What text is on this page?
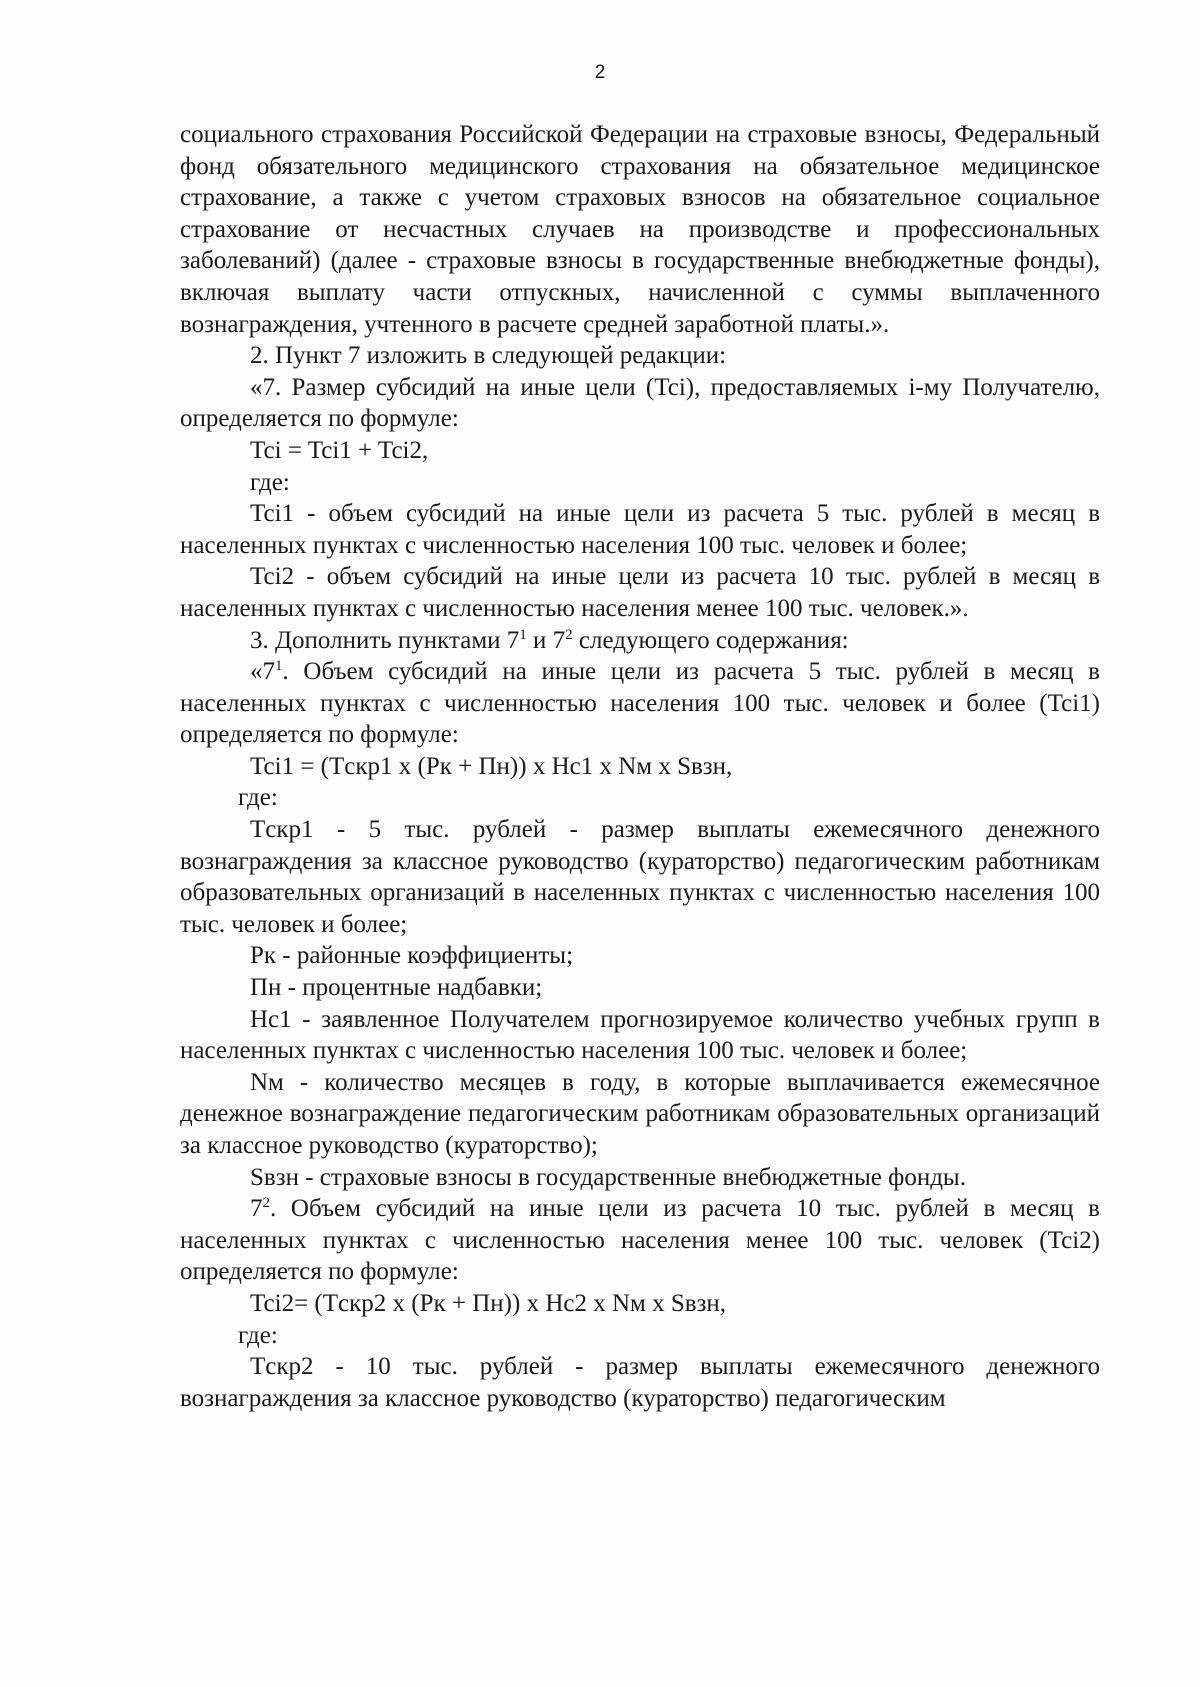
2

социального страхования Российской Федерации на страховые взносы, Федеральный фонд обязательного медицинского страхования на обязательное медицинское страхование, а также с учетом страховых взносов на обязательное социальное страхование от несчастных случаев на производстве и профессиональных заболеваний) (далее - страховые взносы в государственные внебюджетные фонды), включая выплату части отпускных, начисленной с суммы выплаченного вознаграждения, учтенного в расчете средней заработной платы.».

2. Пункт 7 изложить в следующей редакции:

«7. Размер субсидий на иные цели (Tci), предоставляемых i-му Получателю, определяется по формуле:

Tci = Tci1 + Tci2,

где:

Tci1 - объем субсидий на иные цели из расчета 5 тыс. рублей в месяц в населенных пунктах с численностью населения 100 тыс. человек и более;

Tci2 - объем субсидий на иные цели из расчета 10 тыс. рублей в месяц в населенных пунктах с численностью населения менее 100 тыс. человек.».

3. Дополнить пунктами $7^1$ и $7^2$ следующего содержания:

«$7^1$. Объем субсидий на иные цели из расчета 5 тыс. рублей в месяц в населенных пунктах с численностью населения 100 тыс. человек и более (Tci1) определяется по формуле:

Tci1 = (Tскр1 x (Рк + Пн)) x Нс1 x Nм x Sвзн,

где:

Tскр1 - 5 тыс. рублей - размер выплаты ежемесячного денежного вознаграждения за классное руководство (кураторство) педагогическим работникам образовательных организаций в населенных пунктах с численностью населения 100 тыс. человек и более;

Рк - районные коэффициенты;

Пн - процентные надбавки;

Нс1 - заявленное Получателем прогнозируемое количество учебных групп в населенных пунктах с численностью населения 100 тыс. человек и более;

Nм - количество месяцев в году, в которые выплачивается ежемесячное денежное вознаграждение педагогическим работникам образовательных организаций за классное руководство (кураторство);

Sвзн - страховые взносы в государственные внебюджетные фонды.

$7^2$. Объем субсидий на иные цели из расчета 10 тыс. рублей в месяц в населенных пунктах с численностью населения менее 100 тыс. человек (Tci2) определяется по формуле:

Tci2= (Tскр2 x (Рк + Пн)) x Нс2 x Nм x Sвзн,

где:

Tскр2 - 10 тыс. рублей - размер выплаты ежемесячного денежного вознаграждения за классное руководство (кураторство) педагогическим
